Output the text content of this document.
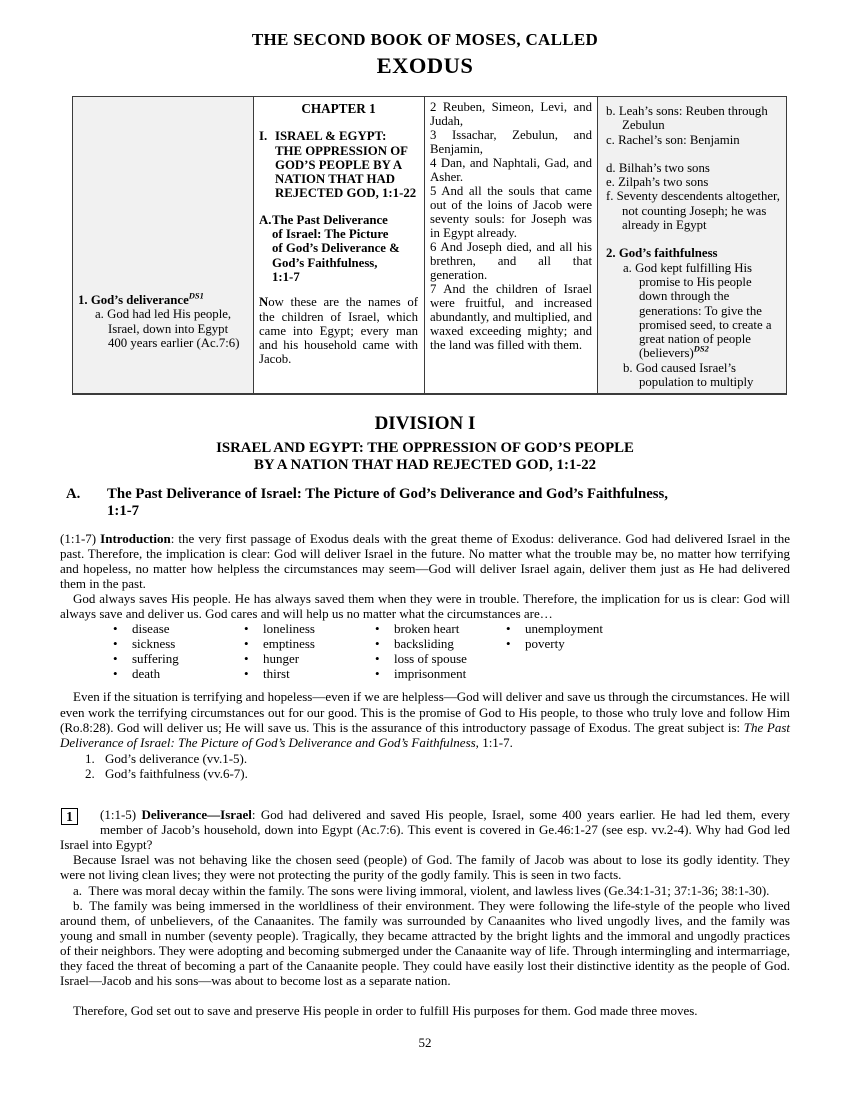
THE SECOND BOOK OF MOSES, CALLED
EXODUS
1. God’s deliverance$^{DS1}$
a. God had led His people, Israel, down into Egypt 400 years earlier (Ac.7:6)
CHAPTER 1
I. ISRAEL & EGYPT:
THE OPPRESSION OF
GOD’S PEOPLE BY A
NATION THAT HAD
REJECTED GOD, 1:1-22
A. The Past Deliverance
of Israel: The Picture
of God’s Deliverance &
God’s Faithfulness,
1:1-7
Now these are the names of the children of Israel, which came into Egypt; every man and his household came with Jacob.
2 Reuben, Simeon, Levi, and Judah,
3 Issachar, Zebulun, and Benjamin,
4 Dan, and Naphtali, Gad, and Asher.
5 And all the souls that came out of the loins of Jacob were seventy souls: for Joseph was in Egypt already.
6 And Joseph died, and all his brethren, and all that generation.
7 And the children of Israel were fruitful, and increased abundantly, and multiplied, and waxed exceeding mighty; and the land was filled with them.
b. Leah’s sons: Reuben through Zebulun
c. Rachel’s son: Benjamin
d. Bilhah’s two sons
e. Zilpah’s two sons
f. Seventy descendents altogether, not counting Joseph; he was already in Egypt
2. God’s faithfulness
a. God kept fulfilling His promise to His people down through the generations: To give the promised seed, to create a great nation of people (believers)$^{DS2}$
b. God caused Israel’s population to multiply
DIVISION I
ISRAEL AND EGYPT: THE OPPRESSION OF GOD’S PEOPLE
BY A NATION THAT HAD REJECTED GOD, 1:1-22
A.	The Past Deliverance of Israel: The Picture of God’s Deliverance and God’s Faithfulness,
1:1-7

(1:1-7) Introduction: the very first passage of Exodus deals with the great theme of Exodus: deliverance. God had delivered Israel in the past. Therefore, the implication is clear: God will deliver Israel in the future. No matter what the trouble may be, no matter how terrifying and hopeless, no matter how helpless the circumstances may seem—God will deliver Israel again, deliver them just as He had delivered them in the past.

God always saves His people. He has always saved them when they were in trouble. Therefore, the implication for us is clear: God will always save and deliver us. God cares and will help us no matter what the circumstances are…

• disease
• sickness
• suffering
• death
• loneliness
• emptiness
• hunger
• thirst
• broken heart
• backsliding
• loss of spouse
• imprisonment
• unemployment
• poverty

Even if the situation is terrifying and hopeless—even if we are helpless—God will deliver and save us through the circumstances. He will even work the terrifying circumstances out for our good. This is the promise of God to His people, to those who truly love and follow Him (Ro.8:28). God will deliver us; He will save us. This is the assurance of this introductory passage of Exodus. The great subject is: The Past Deliverance of Israel: The Picture of God’s Deliverance and God’s Faithfulness, 1:1-7.

1. God’s deliverance (vv.1-5).
2. God’s faithfulness (vv.6-7).
1	(1:1-5) Deliverance—Israel: God had delivered and saved His people, Israel, some 400 years earlier. He had led them, every member of Jacob’s household, down into Egypt (Ac.7:6). This event is covered in Ge.46:1-27 (see esp. vv.2-4). Why had God led Israel into Egypt?

Because Israel was not behaving like the chosen seed (people) of God. The family of Jacob was about to lose its godly identity. They were not living clean lives; they were not protecting the purity of the godly family. This is seen in two facts.

a. There was moral decay within the family. The sons were living immoral, violent, and lawless lives (Ge.34:1-31; 37:1-36; 38:1-30).

b. The family was being immersed in the worldliness of their environment. They were following the life-style of the people who lived around them, of unbelievers, of the Canaanites. The family was surrounded by Canaanites who lived ungodly lives, and the family was young and small in number (seventy people). Tragically, they became attracted by the bright lights and the immoral and ungodly practices of their neighbors. They were adopting and becoming submerged under the Canaanite way of life. Through intermingling and intermarriage, they faced the threat of becoming a part of the Canaanite people. They could have easily lost their distinctive identity as the people of God. Israel—Jacob and his sons—was about to become lost as a separate nation.

Therefore, God set out to save and preserve His people in order to fulfill His purposes for them. God made three moves.

52
